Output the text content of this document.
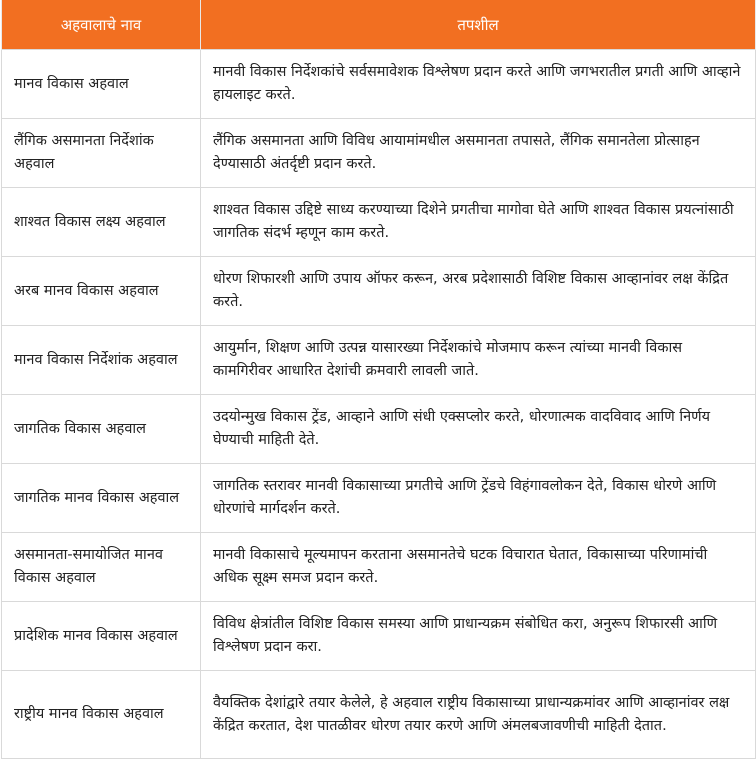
अहवालाचे नाव	तपशील
मानव विकास अहवाल	मानवी विकास निर्देशकांचे सर्वसमावेशक विश्लेषण प्रदान करते आणि जगभरातील प्रगती आणि आव्हाने हायलाइट करते.
लैंगिक असमानता निर्देशांक अहवाल	लैंगिक असमानता आणि विविध आयामांमधील असमानता तपासते, लैंगिक समानतेला प्रोत्साहन देण्यासाठी अंतर्दृष्टी प्रदान करते.
शाश्वत विकास लक्ष्य अहवाल	शाश्वत विकास उद्दिष्टे साध्य करण्याच्या दिशेने प्रगतीचा मागोवा घेते आणि शाश्वत विकास प्रयत्नांसाठी जागतिक संदर्भ म्हणून काम करते.
अरब मानव विकास अहवाल	धोरण शिफारशी आणि उपाय ऑफर करून, अरब प्रदेशासाठी विशिष्ट विकास आव्हानांवर लक्ष केंद्रित करते.
मानव विकास निर्देशांक अहवाल	आयुर्मान, शिक्षण आणि उत्पन्न यासारख्या निर्देशकांचे मोजमाप करून त्यांच्या मानवी विकास कामगिरीवर आधारित देशांची क्रमवारी लावली जाते.
जागतिक विकास अहवाल	उदयोन्मुख विकास ट्रेंड, आव्हाने आणि संधी एक्सप्लोर करते, धोरणात्मक वादविवाद आणि निर्णय घेण्याची माहिती देते.
जागतिक मानव विकास अहवाल	जागतिक स्तरावर मानवी विकासाच्या प्रगतीचे आणि ट्रेंडचे विहंगावलोकन देते, विकास धोरणे आणि धोरणांचे मार्गदर्शन करते.
असमानता-समायोजित मानव विकास अहवाल	मानवी विकासाचे मूल्यमापन करताना असमानतेचे घटक विचारात घेतात, विकासाच्या परिणामांची अधिक सूक्ष्म समज प्रदान करते.
प्रादेशिक मानव विकास अहवाल	विविध क्षेत्रांतील विशिष्ट विकास समस्या आणि प्राधान्यक्रम संबोधित करा, अनुरूप शिफारसी आणि विश्लेषण प्रदान करा.
राष्ट्रीय मानव विकास अहवाल	वैयक्तिक देशांद्वारे तयार केलेले, हे अहवाल राष्ट्रीय विकासाच्या प्राधान्यक्रमांवर आणि आव्हानांवर लक्ष केंद्रित करतात, देश पातळीवर धोरण तयार करणे आणि अंमलबजावणीची माहिती देतात.
